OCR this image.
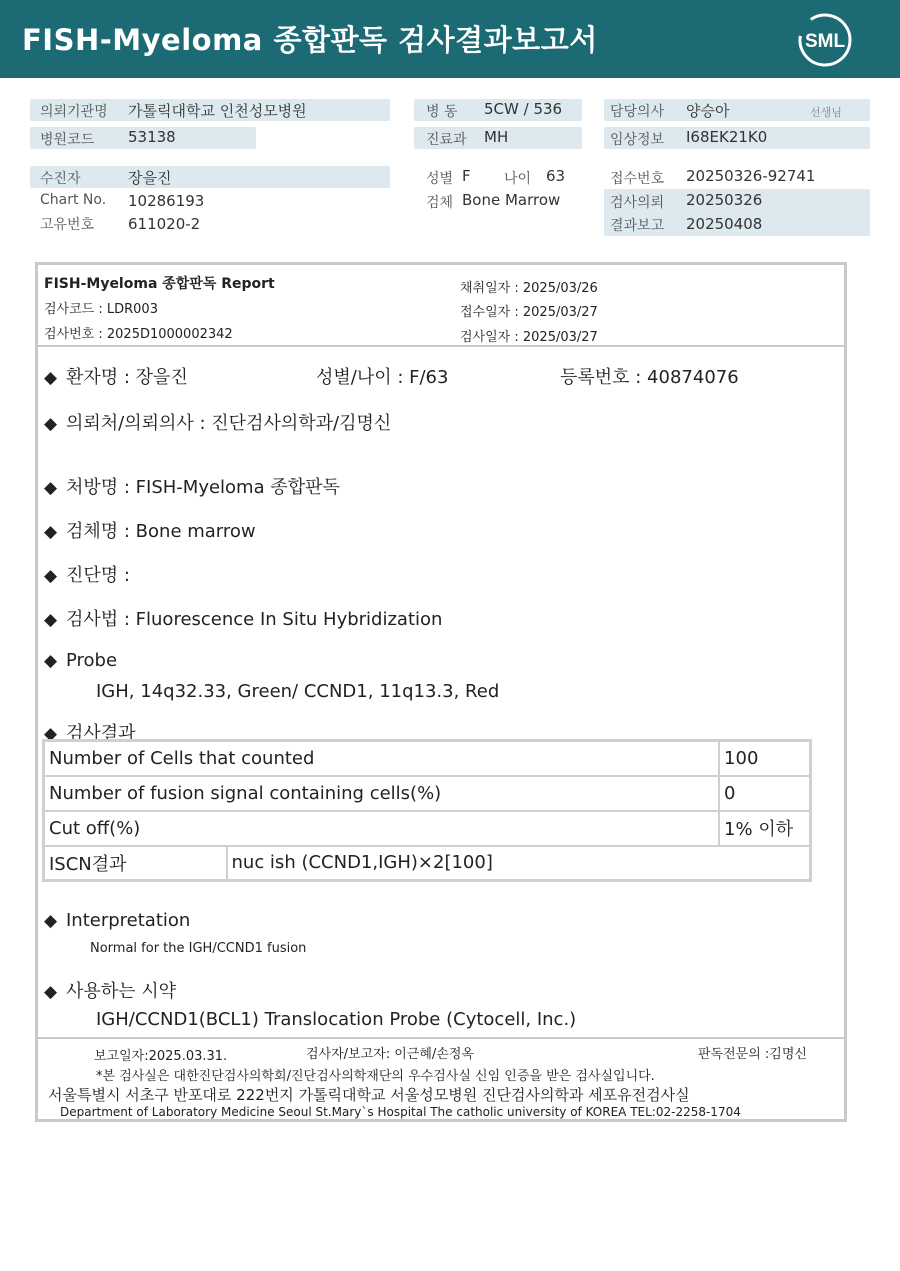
FISH-Myeloma 종합판독 검사결과보고서	SML
의뢰기관명 가톨릭대학교 인천성모병원
병원코드 53138
병 동 5CW / 536
진료과 MH
담당의사 양승아	선생님
임상정보 I68EK21K0
수진자	장을진
Chart No. 10286193
고유번호 611020-2
성별 F 나이 63
검체 Bone Marrow
접수번호 20250326-92741
검사의뢰 20250326
결과보고 20250408
FISH-Myeloma 종합판독 Report
검사코드 : LDR003
검사번호 : 2025D1000002342
채취일자 : 2025/03/26
접수일자 : 2025/03/27
검사일자 : 2025/03/27
◆ 환자명 : 장을진	성별/나이 : F/63	등록번호 : 40874076
◆ 의뢰처/의뢰의사 : 진단검사의학과/김명신
◆ 처방명 : FISH-Myeloma 종합판독
◆ 검체명 : Bone marrow
◆ 진단명 :
◆ 검사법 : Fluorescence In Situ Hybridization
◆ Probe
IGH, 14q32.33, Green/ CCND1, 11q13.3, Red
◆ 검사결과
Number of Cells that counted		100
Number of fusion signal containing cells(%)		0
Cut off(%)		1% 이하
ISCN결과	nuc ish (CCND1,IGH)×2[100]	
◆ Interpretation
Normal for the IGH/CCND1 fusion
◆ 사용하는 시약
IGH/CCND1(BCL1) Translocation Probe (Cytocell, Inc.)
보고일자:2025.03.31.	검사자/보고자: 이근혜/손정옥	판독전문의 :김명신
*본 검사실은 대한진단검사의학회/진단검사의학재단의 우수검사실 신임 인증을 받은 검사실입니다.
서울특별시 서초구 반포대로 222번지 가톨릭대학교 서울성모병원 진단검사의학과 세포유전검사실
Department of Laboratory Medicine Seoul St.Mary`s Hospital The catholic university of KOREA TEL:02-2258-1704
